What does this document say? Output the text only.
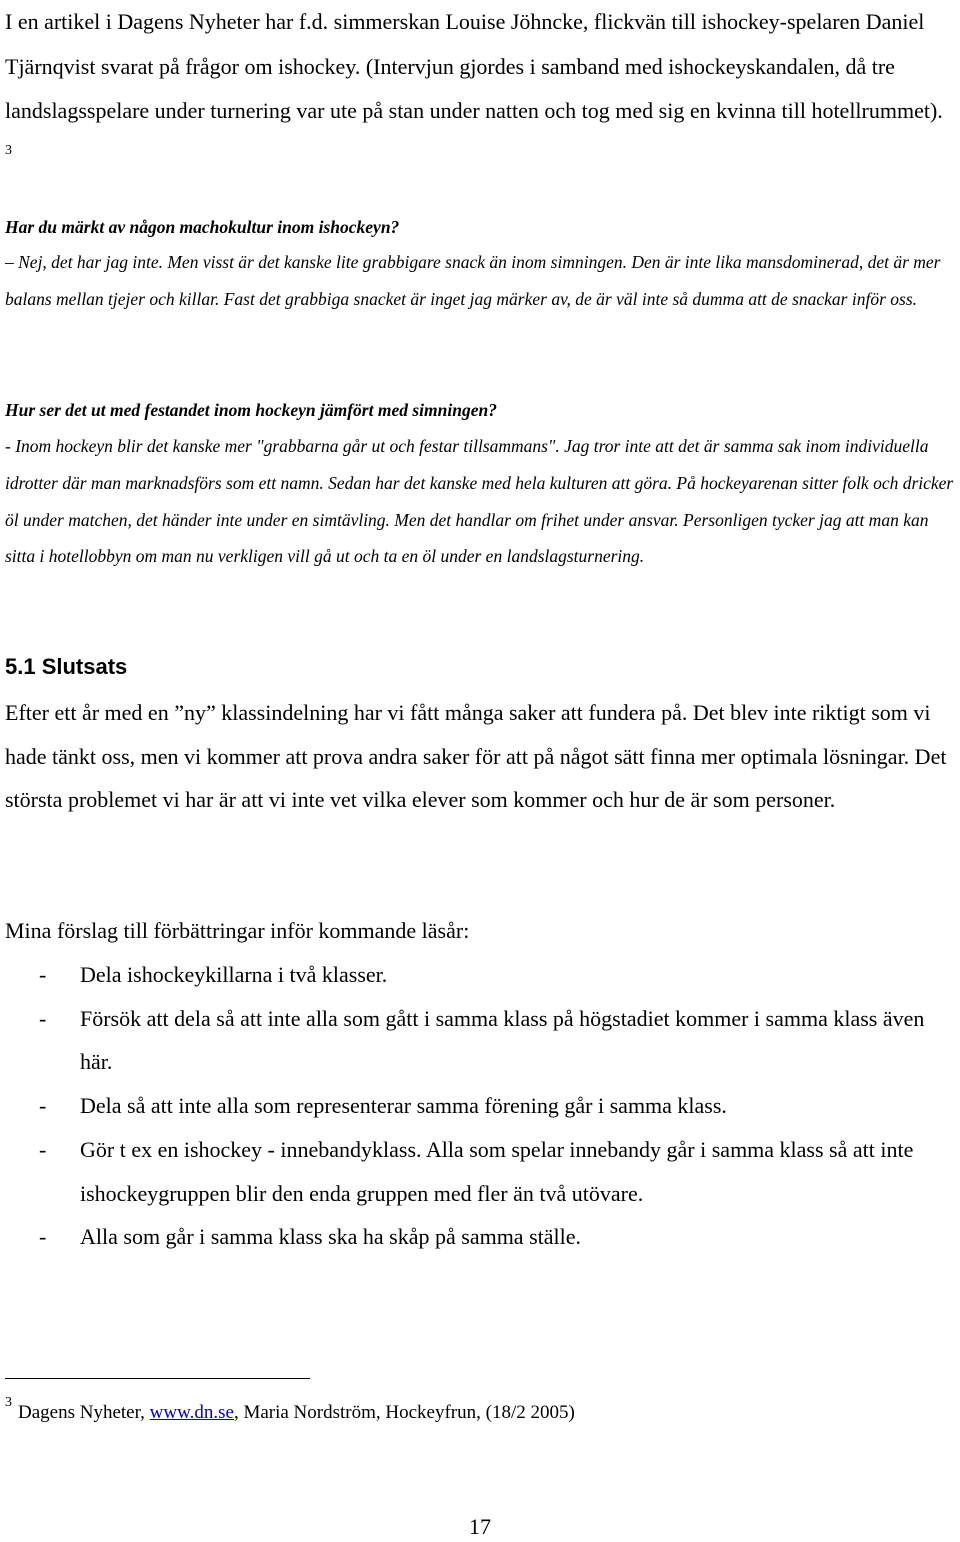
I en artikel i Dagens Nyheter har f.d. simmerskan Louise Jöhncke, flickvän till ishockey-spelaren Daniel Tjärnqvist svarat på frågor om ishockey. (Intervjun gjordes i samband med ishockeyskandalen, då tre landslagsspelare under turnering var ute på stan under natten och tog med sig en kvinna till hotellrummet). $^3$

Har du märkt av någon machokultur inom ishockeyn?

– Nej, det har jag inte. Men visst är det kanske lite grabbigare snack än inom simningen. Den är inte lika mansdominerad, det är mer balans mellan tjejer och killar. Fast det grabbiga snacket är inget jag märker av, de är väl inte så dumma att de snackar inför oss.

Hur ser det ut med festandet inom hockeyn jämfört med simningen?

- Inom hockeyn blir det kanske mer "grabbarna går ut och festar tillsammans". Jag tror inte att det är samma sak inom individuella idrotter där man marknadsförs som ett namn. Sedan har det kanske med hela kulturen att göra. På hockeyarenan sitter folk och dricker öl under matchen, det händer inte under en simtävling. Men det handlar om frihet under ansvar. Personligen tycker jag att man kan sitta i hotellobbyn om man nu verkligen vill gå ut och ta en öl under en landslagsturnering.

5.1 Slutsats

Efter ett år med en ”ny” klassindelning har vi fått många saker att fundera på. Det blev inte riktigt som vi hade tänkt oss, men vi kommer att prova andra saker för att på något sätt finna mer optimala lösningar. Det största problemet vi har är att vi inte vet vilka elever som kommer och hur de är som personer.

Mina förslag till förbättringar inför kommande läsår:

- Dela ishockeykillarna i två klasser.
- Försök att dela så att inte alla som gått i samma klass på högstadiet kommer i samma klass även här.
- Dela så att inte alla som representerar samma förening går i samma klass.
- Gör t ex en ishockey - innebandyklass. Alla som spelar innebandy går i samma klass så att inte ishockeygruppen blir den enda gruppen med fler än två utövare.
- Alla som går i samma klass ska ha skåp på samma ställe.

$^3$ Dagens Nyheter, www.dn.se, Maria Nordström, Hockeyfrun, (18/2 2005)

17
